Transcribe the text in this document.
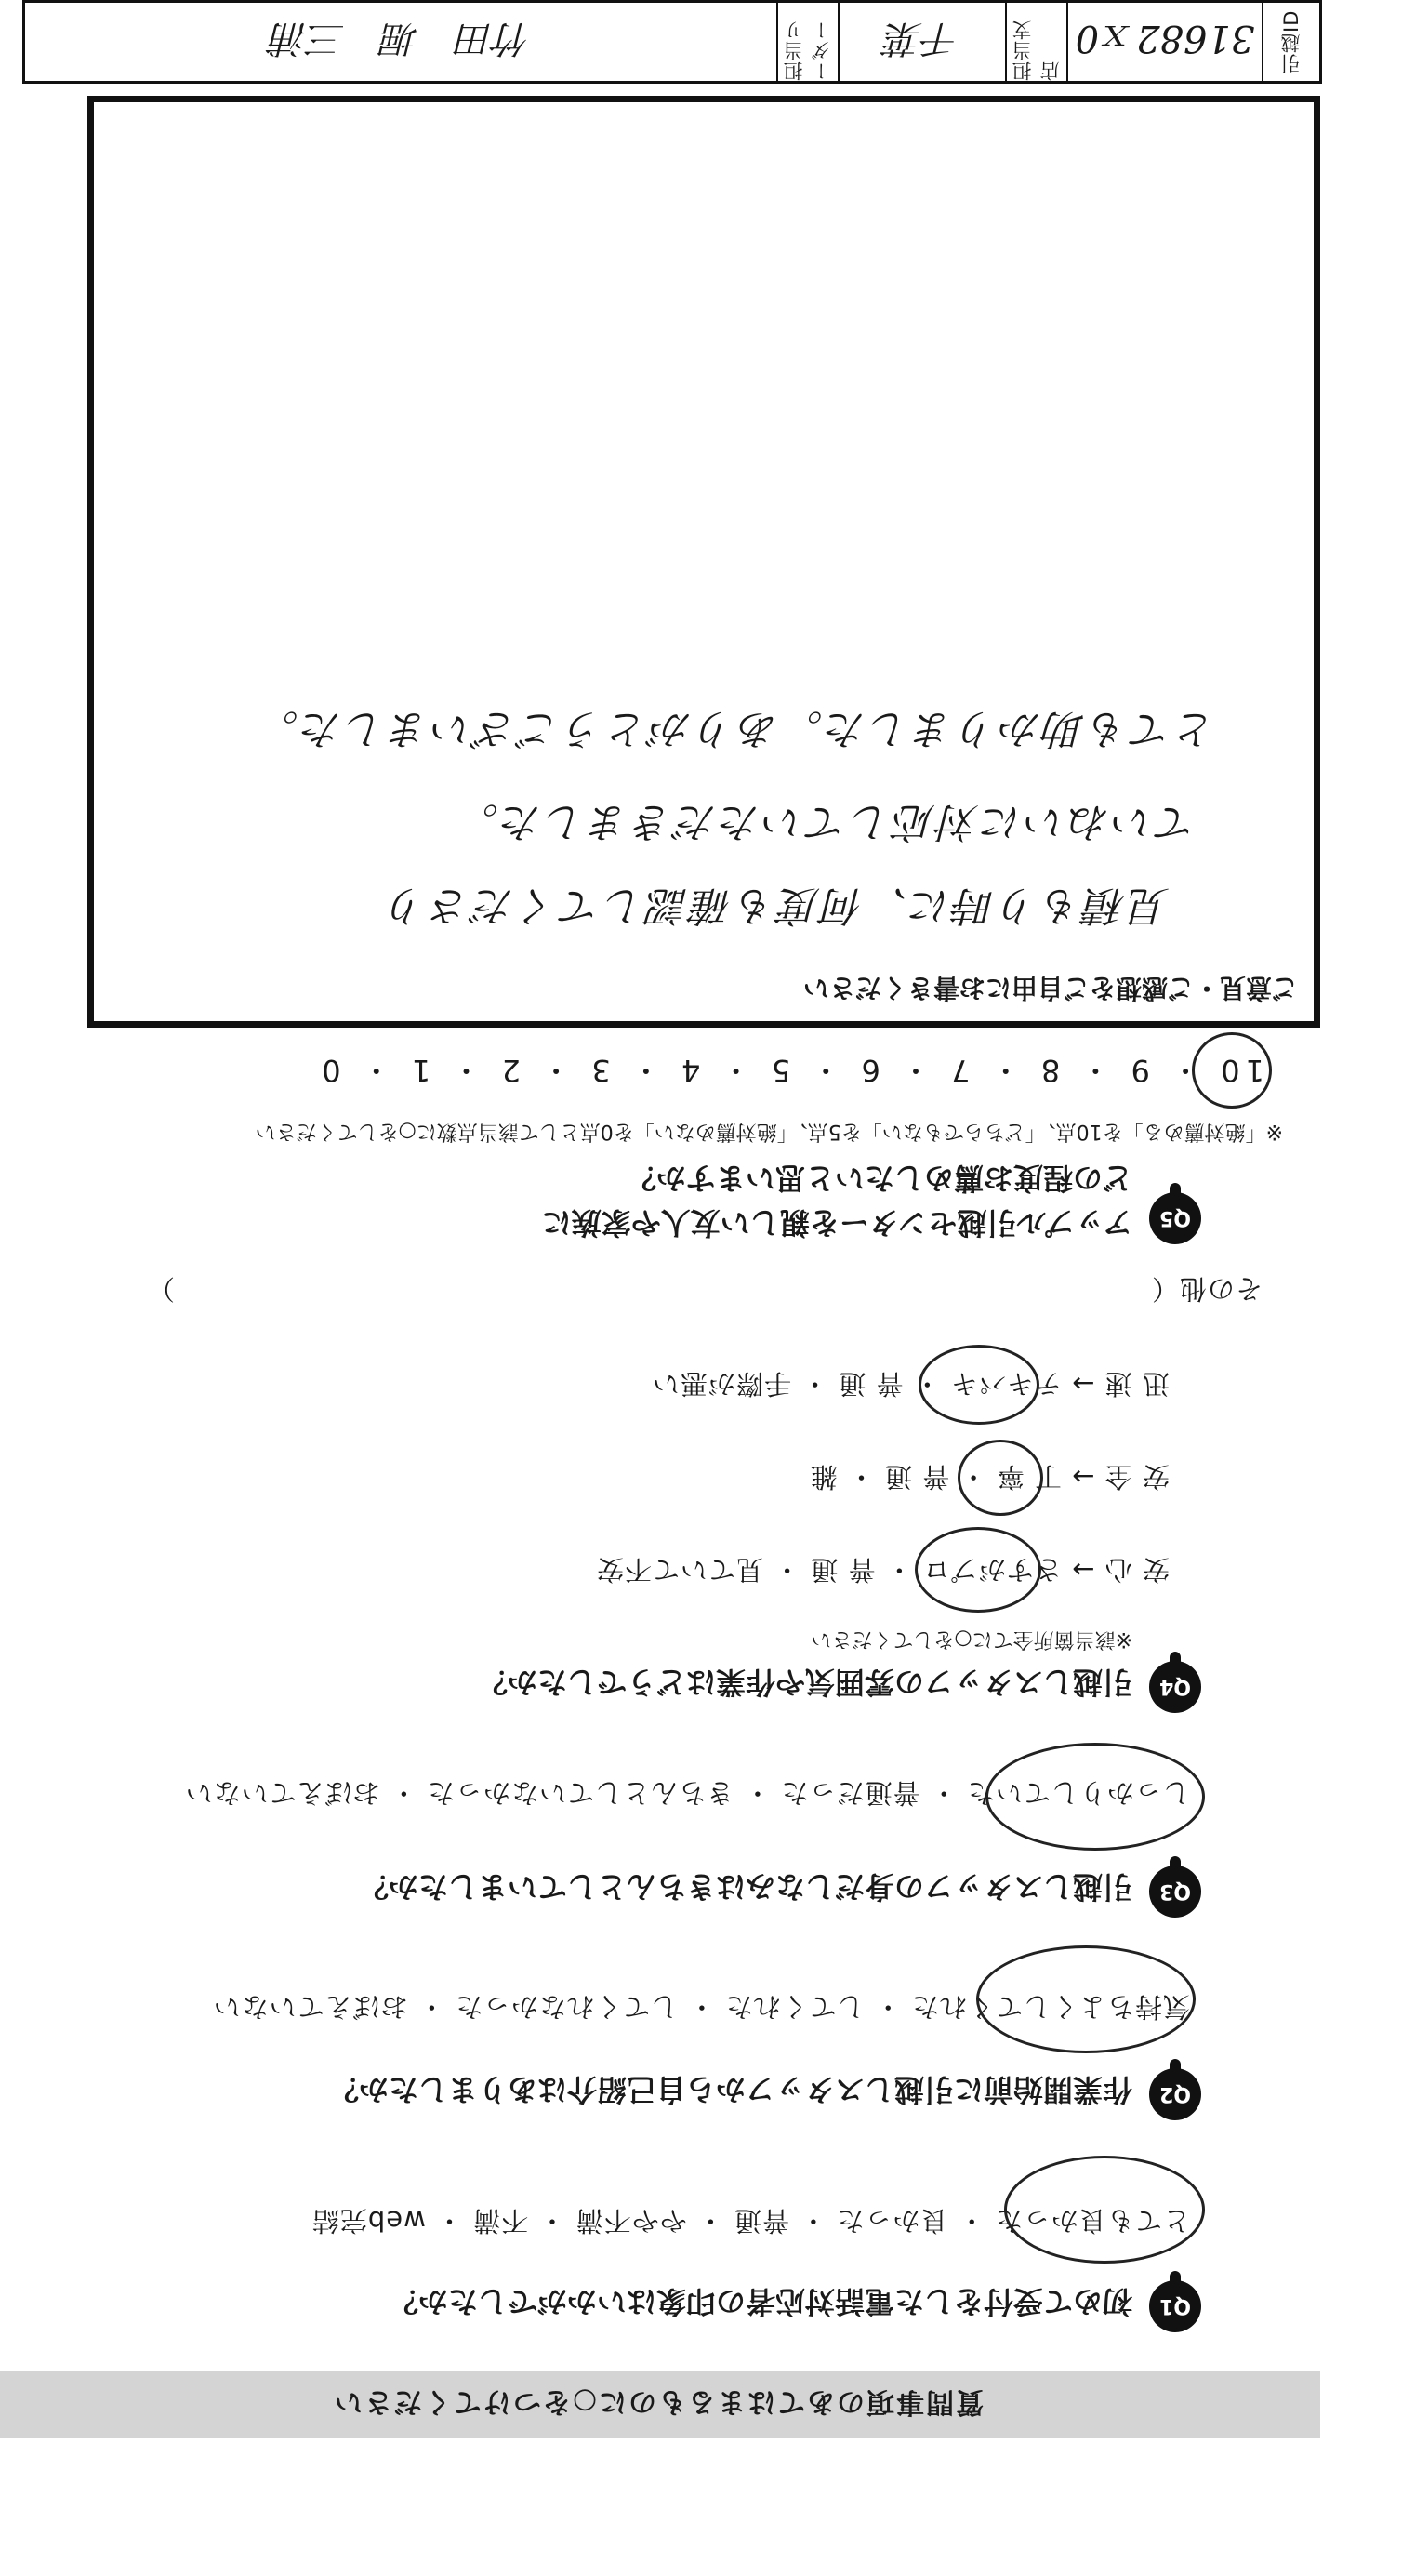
質問事項のあてはまるものに○をつけてください
Q1
初めて受付をした電話対応者の印象はいかがでしたか？
とても良かった ・ 良かった ・ 普通 ・ やや不満 ・ 不満 ・ web完結
Q2
作業開始前に引越しスタッフから自己紹介はありましたか？
気持ちよくしてくれた ・ してくれた ・ してくれなかった ・ おぼえていない
Q3
引越しスタッフの身だしなみはきちんとしていましたか？
しっかりしていた ・ 普通だった ・ きちんとしていなかった ・ おぼえていない
Q4
引越しスタッフの雰囲気や作業はどうでしたか？
※該当箇所全てに○をしてください
安 心 → さすがプロ ・ 普 通 ・ 見ていて不安
安 全 → 丁 寧 ・ 普 通 ・ 雑
迅 速 → テキパキ ・ 普 通 ・ 手際が悪い
その他（　　　　　　　　　　　　　　　　　　　　　　　　　　　　　　　　　　　）
Q5
アップル引越センターを親しい友人や家族に
どの程度お薦めしたいと思いますか？
※「絶対薦める」を10点、「どちらでもない」を5点、「絶対薦めない」を0点として該当点数に○をしてください
10 ・ 9 ・ 8 ・ 7 ・ 6 ・ 5 ・ 4 ・ 3 ・ 2 ・ 1 ・ 0
ご意見・ご感想をご自由にお書きください
見積もり時に、何度も確認してくださり
ていねいに対応していただきました。
とても助かりました。ありがとうございました。
引越ID
31682ｘ0
担当支店
千葉
担当リーダー
竹田　堀　三浦
